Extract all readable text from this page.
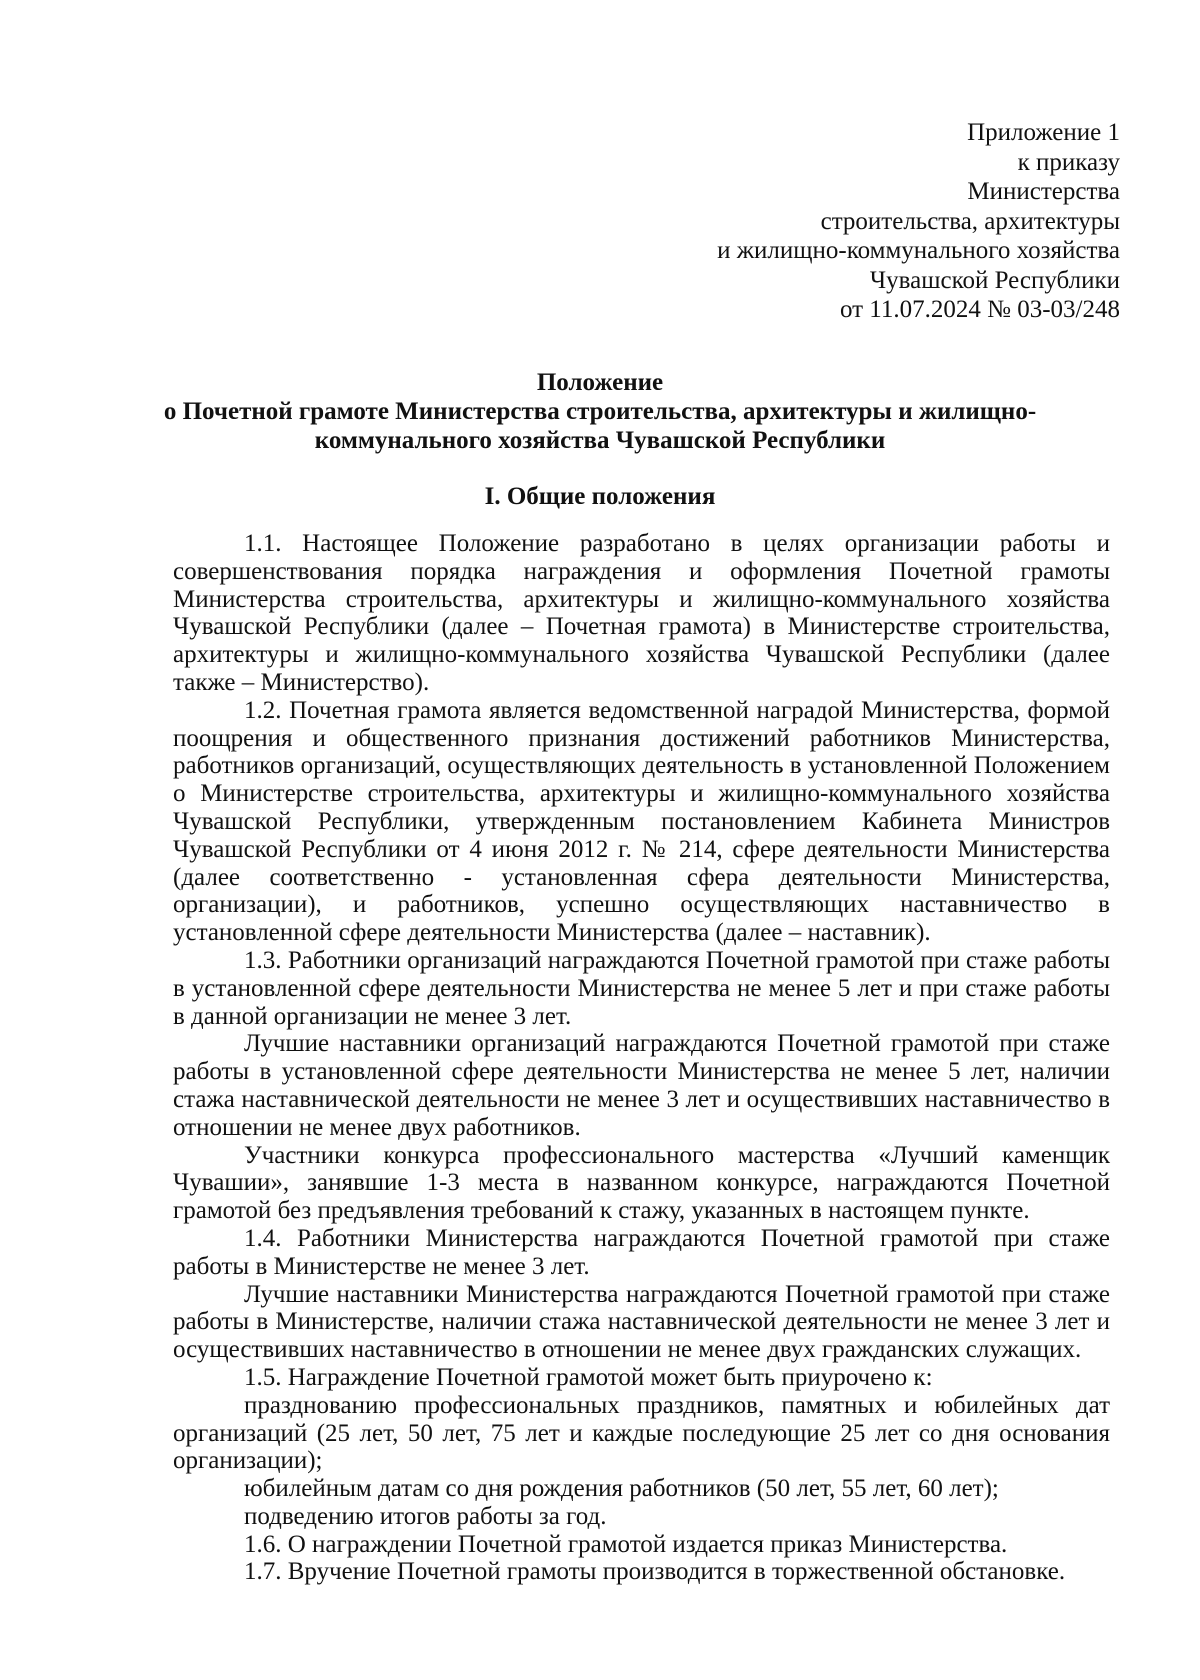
Приложение 1
к приказу
Министерства
строительства, архитектуры
и жилищно-коммунального хозяйства
Чувашской Республики
от 11.07.2024 № 03-03/248
Положение
о Почетной грамоте Министерства строительства, архитектуры и жилищно-
коммунального хозяйства Чувашской Республики
I. Общие положения

1.1. Настоящее Положение разработано в целях организации работы и совершенствования порядка награждения и оформления Почетной грамоты Министерства строительства, архитектуры и жилищно-коммунального хозяйства Чувашской Республики (далее – Почетная грамота) в Министерстве строительства, архитектуры и жилищно-коммунального хозяйства Чувашской Республики (далее также – Министерство).

1.2. Почетная грамота является ведомственной наградой Министерства, формой поощрения и общественного признания достижений работников Министерства, работников организаций, осуществляющих деятельность в установленной Положением о Министерстве строительства, архитектуры и жилищно-коммунального хозяйства Чувашской Республики, утвержденным постановлением Кабинета Министров Чувашской Республики от 4 июня 2012 г. № 214, сфере деятельности Министерства (далее соответственно - установленная сфера деятельности Министерства, организации), и работников, успешно осуществляющих наставничество в установленной сфере деятельности Министерства (далее – наставник).

1.3. Работники организаций награждаются Почетной грамотой при стаже работы в установленной сфере деятельности Министерства не менее 5 лет и при стаже работы в данной организации не менее 3 лет.

Лучшие наставники организаций награждаются Почетной грамотой при стаже работы в установленной сфере деятельности Министерства не менее 5 лет, наличии стажа наставнической деятельности не менее 3 лет и осуществивших наставничество в отношении не менее двух работников.

Участники конкурса профессионального мастерства «Лучший каменщик Чувашии», занявшие 1-3 места в названном конкурсе, награждаются Почетной грамотой без предъявления требований к стажу, указанных в настоящем пункте.

1.4. Работники Министерства награждаются Почетной грамотой при стаже работы в Министерстве не менее 3 лет.

Лучшие наставники Министерства награждаются Почетной грамотой при стаже работы в Министерстве, наличии стажа наставнической деятельности не менее 3 лет и осуществивших наставничество в отношении не менее двух гражданских служащих.

1.5. Награждение Почетной грамотой может быть приурочено к:

празднованию профессиональных праздников, памятных и юбилейных дат организаций (25 лет, 50 лет, 75 лет и каждые последующие 25 лет со дня основания организации);

юбилейным датам со дня рождения работников (50 лет, 55 лет, 60 лет);

подведению итогов работы за год.

1.6. О награждении Почетной грамотой издается приказ Министерства.

1.7. Вручение Почетной грамоты производится в торжественной обстановке.
